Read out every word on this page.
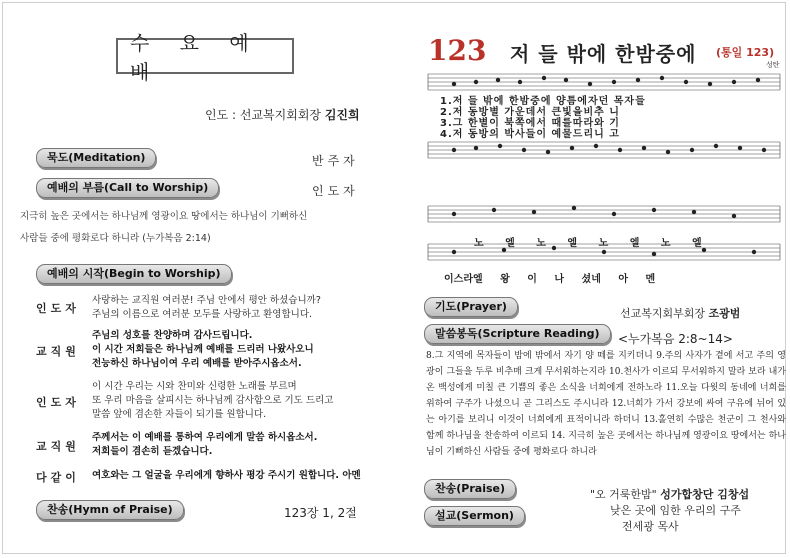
수 요 예 배
인도 : 선교복지회회장 김진희
묵도(Meditation)	반주자
예배의 부름(Call to Worship)	인도자
지극히 높은 곳에서는 하나님께 영광이요 땅에서는 하나님이 기뻐하신
사람들 중에 평화로다 하니라 (누가복음 2:14)
예배의 시작(Begin to Worship)
인도자
사랑하는 교직원 여러분! 주님 안에서 평안 하셨습니까?
주님의 이름으로 여러분 모두를 사랑하고 환영합니다.
교직원
주님의 성호를 찬양하며 감사드립니다.
이 시간 저희들은 하나님께 예배를 드리러 나왔사오니
전능하신 하나님이여 우리 예배를 받아주시옵소서.
인도자
이 시간 우리는 시와 찬미와 신령한 노래를 부르며
또 우리 마음을 살피시는 하나님께 감사함으로 기도 드리고
말씀 앞에 겸손한 자들이 되기를 원합니다.
교직원
주께서는 이 예배를 통하여 우리에게 말씀 하시옵소서.
저희들이 겸손히 듣겠습니다.
다같이	여호와는 그 얼굴을 우리에게 향하사 평강 주시기 원합니다. 아멘
찬송(Hymn of Praise)	123장 1, 2절
123 저 들 밖에 한밤중에 (통일 123)
성탄
1.저 들 밖에 한밤중에 양틈에자던 목자들
2.저 동방별 가운데서 큰빛을비추 니
3.그 한별이 북쪽에서 때를따라와 기
4.저 동방의 박사들이 예물드리니 고
노 엘 노 엘 노 엘 노 엘
이스라엘 왕 이 나 셨네 아 멘
기도(Prayer)
선교복지회부회장 조광범
말씀봉독(Scripture Reading)	<누가복음 2:8~14>
8.그 지역에 목자들이 밤에 밖에서 자기 양 떼를 지키더니 9.주의 사자가 곁에 서고 주의 영광이 그들을 두루 비추매 크게 무서워하는지라 10.천사가 이르되 무서워하지 말라 보라 내가 온 백성에게 미칠 큰 기쁨의 좋은 소식을 너희에게 전하노라 11.오늘 다윗의 동네에 너희를 위하여 구주가 나셨으니 곧 그리스도 주시니라 12.너희가 가서 강보에 싸여 구유에 뉘어 있는 아기를 보리니 이것이 너희에게 표적이니라 하더니 13.홀연히 수많은 천군이 그 천사와 함께 하나님을 찬송하여 이르되 14. 지극히 높은 곳에서는 하나님께 영광이요 땅에서는 하나님이 기뻐하신 사람들 중에 평화로다 하니라
찬송(Praise)	"오 거룩한밤" 성가합창단 김창섭
설교(Sermon)	낮은 곳에 임한 우리의 구주
전세광 목사
